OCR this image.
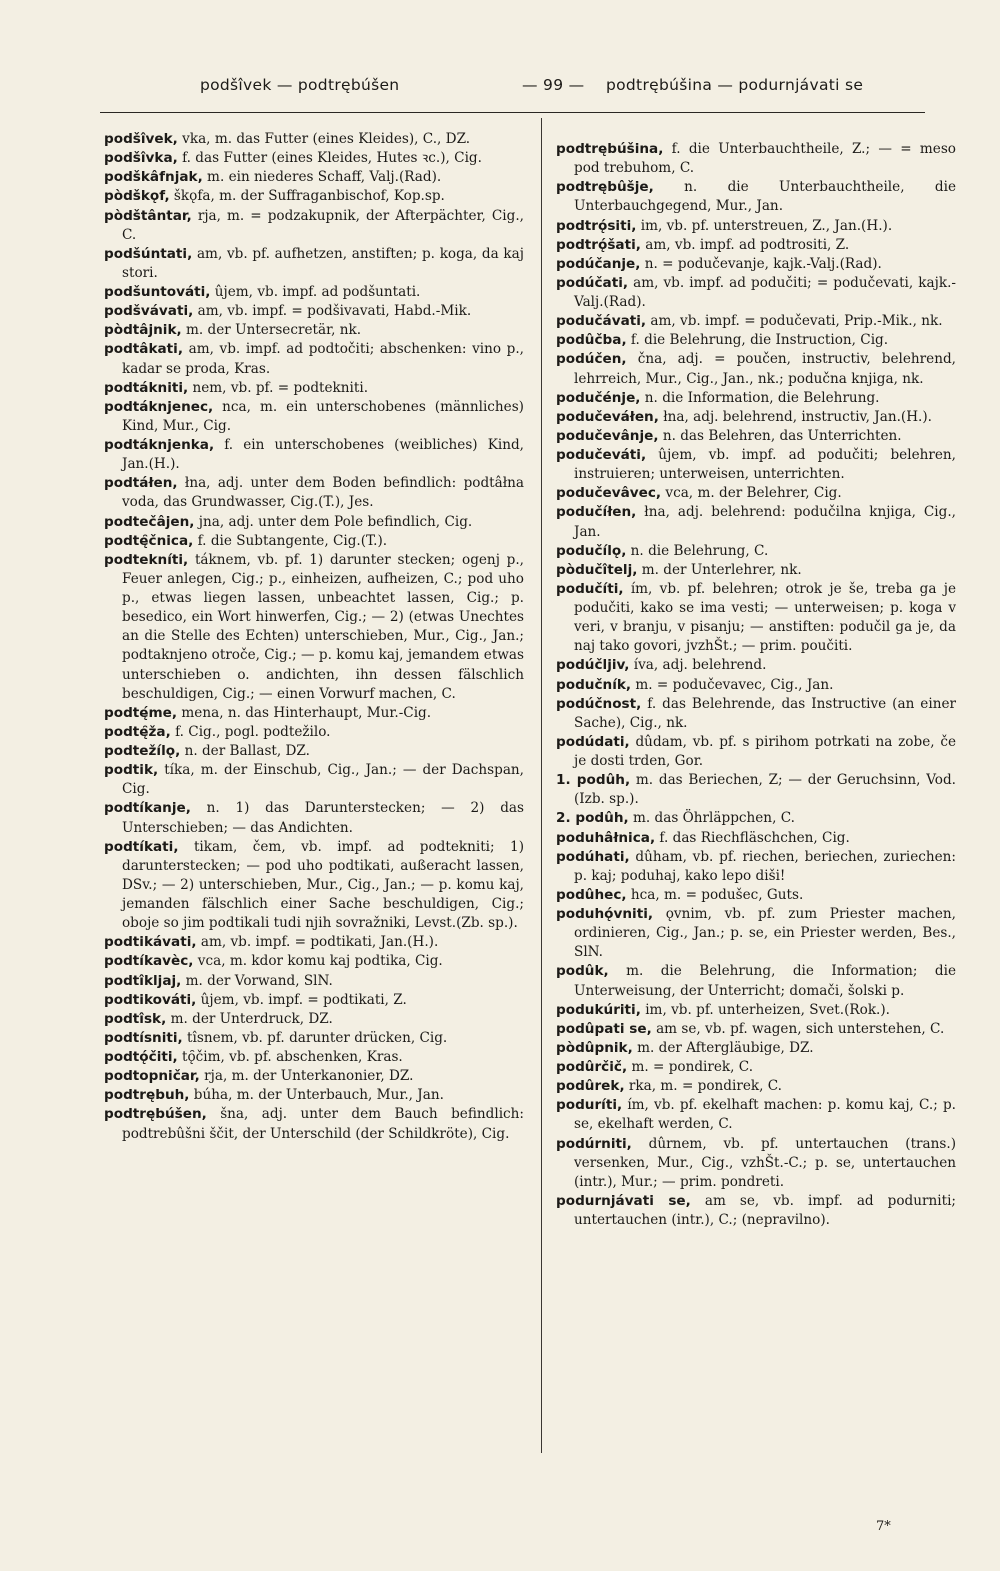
podšîvek — podtrębúšen	— 99 — podtrębúšina — podurnjávati se

podšîvek, vka, m. das Futter (eines Kleides), C., DZ.

podšîvka, f. das Futter (eines Kleides, Hutes ꝛc.), Cig.

podškâfnjak, m. ein niederes Schaff, Valj.(Rad).

pòdškǫf, škǫfa, m. der Suffraganbischof, Kop.sp.

pòdštântar, rja, m. = podzakupnik, der Afterpächter, Cig., C.

podšúntati, am, vb. pf. aufhetzen, anstiften; p. koga, da kaj stori.

podšuntováti, ûjem, vb. impf. ad podšuntati.

podšvávati, am, vb. impf. = podšivavati, Habd.-Mik.

pòdtâjnik, m. der Untersecretär, nk.

podtâkati, am, vb. impf. ad podtočiti; abschenken: vino p., kadar se proda, Kras.

podtákniti, nem, vb. pf. = podtekniti.

podtáknjenec, nca, m. ein unterschobenes (männliches) Kind, Mur., Cig.

podtáknjenka, f. ein unterschobenes (weibliches) Kind, Jan.(H.).

podtáłen, łna, adj. unter dem Boden befindlich: podtâłna voda, das Grundwasser, Cig.(T.), Jes.

podtečâjen, jna, adj. unter dem Pole befindlich, Cig.

podtę̑čnica, f. die Subtangente, Cig.(T.).

podtekníti, táknem, vb. pf. 1) darunter stecken; ogenj p., Feuer anlegen, Cig.; p., einheizen, aufheizen, C.; pod uho p., etwas liegen lassen, unbeachtet lassen, Cig.; p. besedico, ein Wort hinwerfen, Cig.; — 2) (etwas Unechtes an die Stelle des Echten) unterschieben, Mur., Cig., Jan.; podtaknjeno otroče, Cig.; — p. komu kaj, jemandem etwas unterschieben o. andichten, ihn dessen fälschlich beschuldigen, Cig.; — einen Vorwurf machen, C.

podtę́me, mena, n. das Hinterhaupt, Mur.-Cig.

podtę̑ža, f. Cig., pogl. podtežilo.

podtežílǫ, n. der Ballast, DZ.

podtik, tíka, m. der Einschub, Cig., Jan.; — der Dachspan, Cig.

podtíkanje, n. 1) das Darunterstecken; — 2) das Unterschieben; — das Andichten.

podtíkati, tikam, čem, vb. impf. ad podtekniti; 1) darunterstecken; — pod uho podtikati, außeracht lassen, DSv.; — 2) unterschieben, Mur., Cig., Jan.; — p. komu kaj, jemanden fälschlich einer Sache beschuldigen, Cig.; oboje so jim podtikali tudi njih sovražniki, Levst.(Zb. sp.).

podtikávati, am, vb. impf. = podtikati, Jan.(H.).

podtíkavèc, vca, m. kdor komu kaj podtika, Cig.

podtîkljaj, m. der Vorwand, SlN.

podtikováti, ûjem, vb. impf. = podtikati, Z.

podtîsk, m. der Unterdruck, DZ.

podtísniti, tîsnem, vb. pf. darunter drücken, Cig.

podtǫ́čiti, tǫ̑čim, vb. pf. abschenken, Kras.

podtopničar, rja, m. der Unterkanonier, DZ.

podtrębuh, búha, m. der Unterbauch, Mur., Jan.

podtrębúšen, šna, adj. unter dem Bauch befindlich: podtrebûšni ščit, der Unterschild (der Schildkröte), Cig.

podtrębúšina, f. die Unterbauchtheile, Z.; — = meso pod trebuhom, C.

podtrębûšje, n. die Unterbauchtheile, die Unterbauchgegend, Mur., Jan.

podtrǫ́siti, im, vb. pf. unterstreuen, Z., Jan.(H.).

podtrǫ́šati, am, vb. impf. ad podtrositi, Z.

podúčanje, n. = podučevanje, kajk.-Valj.(Rad).

podúčati, am, vb. impf. ad podučiti; = podučevati, kajk.-Valj.(Rad).

podučávati, am, vb. impf. = podučevati, Prip.-Mik., nk.

podûčba, f. die Belehrung, die Instruction, Cig.

podúčen, čna, adj. = poučen, instructiv, belehrend, lehrreich, Mur., Cig., Jan., nk.; podučna knjiga, nk.

podučénje, n. die Information, die Belehrung.

podučeváłen, łna, adj. belehrend, instructiv, Jan.(H.).

podučevânje, n. das Belehren, das Unterrichten.

podučeváti, ûjem, vb. impf. ad podučiti; belehren, instruieren; unterweisen, unterrichten.

podučevâvec, vca, m. der Belehrer, Cig.

podučíłen, łna, adj. belehrend: podučilna knjiga, Cig., Jan.

podučílǫ, n. die Belehrung, C.

pòdučîtelj, m. der Unterlehrer, nk.

podučíti, ím, vb. pf. belehren; otrok je še, treba ga je podučiti, kako se ima vesti; — unterweisen; p. koga v veri, v branju, v pisanju; — anstiften: podučil ga je, da naj tako govori, jvzhŠt.; — prim. poučiti.

podúčljiv, íva, adj. belehrend.

podučník, m. = podučevavec, Cig., Jan.

podúčnost, f. das Belehrende, das Instructive (an einer Sache), Cig., nk.

podúdati, dûdam, vb. pf. s pirihom potrkati na zobe, če je dosti trden, Gor.

1. podûh, m. das Beriechen, Z; — der Geruchsinn, Vod.(Izb. sp.).

2. podûh, m. das Öhrläppchen, C.

poduhâłnica, f. das Riechfläschchen, Cig.

podúhati, dûham, vb. pf. riechen, beriechen, zuriechen: p. kaj; poduhaj, kako lepo diši!

podûhec, hca, m. = podušec, Guts.

poduhǫ́vniti, ǫvnim, vb. pf. zum Priester machen, ordinieren, Cig., Jan.; p. se, ein Priester werden, Bes., SlN.

podûk, m. die Belehrung, die Information; die Unterweisung, der Unterricht; domači, šolski p.

podukúriti, im, vb. pf. unterheizen, Svet.(Rok.).

podûpati se, am se, vb. pf. wagen, sich unterstehen, C.

pòdûpnik, m. der Aftergläubige, DZ.

podûrčič, m. = pondirek, C.

podûrek, rka, m. = pondirek, C.

poduríti, ím, vb. pf. ekelhaft machen: p. komu kaj, C.; p. se, ekelhaft werden, C.

podúrniti, dûrnem, vb. pf. untertauchen (trans.) versenken, Mur., Cig., vzhŠt.-C.; p. se, untertauchen (intr.), Mur.; — prim. pondreti.

podurnjávati se, am se, vb. impf. ad podurniti; untertauchen (intr.), C.; (nepravilno).

7*
